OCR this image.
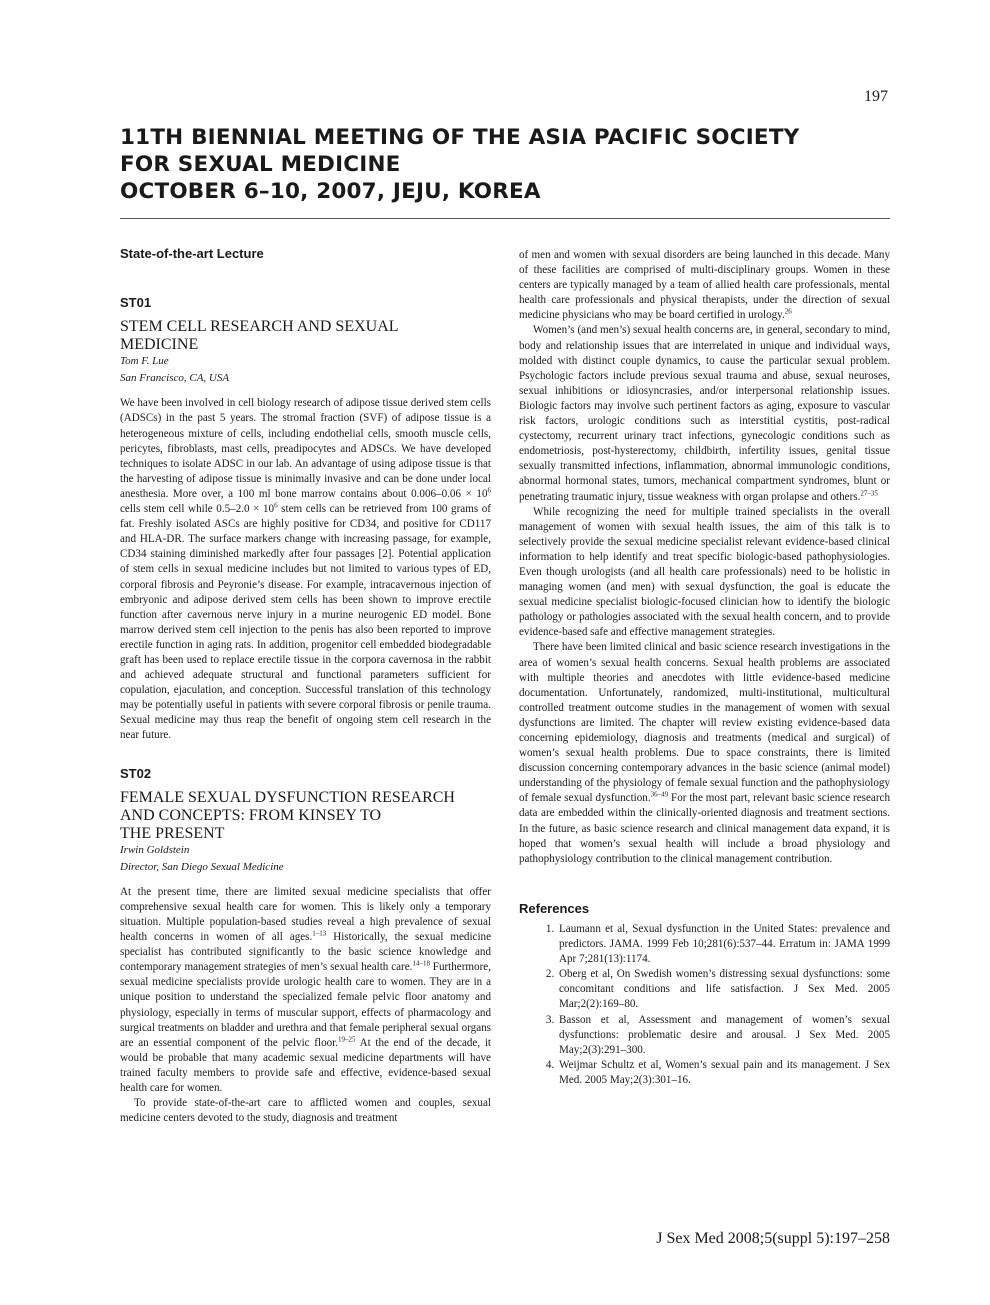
197
11TH BIENNIAL MEETING OF THE ASIA PACIFIC SOCIETY
FOR SEXUAL MEDICINE
OCTOBER 6–10, 2007, JEJU, KOREA
State-of-the-art Lecture
ST01
STEM CELL RESEARCH AND SEXUAL
MEDICINE
Tom F. Lue
San Francisco, CA, USA

We have been involved in cell biology research of adipose tissue derived stem cells (ADSCs) in the past 5 years. The stromal fraction (SVF) of adipose tissue is a heterogeneous mixture of cells, including endothelial cells, smooth muscle cells, pericytes, fibroblasts, mast cells, preadipocytes and ADSCs. We have developed techniques to isolate ADSC in our lab. An advantage of using adipose tissue is that the harvesting of adipose tissue is minimally invasive and can be done under local anesthesia. More over, a 100 ml bone marrow contains about $0.006-0.06 \times 10^6$ cells stem cell while $0.5-2.0 \times 10^6$ stem cells can be retrieved from 100 grams of fat. Freshly isolated ASCs are highly positive for CD34, and positive for CD117 and HLA-DR. The surface markers change with increasing passage, for example, CD34 staining diminished markedly after four passages [2]. Potential application of stem cells in sexual medicine includes but not limited to various types of ED, corporal fibrosis and Peyronie’s disease. For example, intracavernous injection of embryonic and adipose derived stem cells has been shown to improve erectile function after cavernous nerve injury in a murine neurogenic ED model. Bone marrow derived stem cell injection to the penis has also been reported to improve erectile function in aging rats. In addition, progenitor cell embedded biodegradable graft has been used to replace erectile tissue in the corpora cavernosa in the rabbit and achieved adequate structural and functional parameters sufficient for copulation, ejaculation, and conception. Successful translation of this technology may be potentially useful in patients with severe corporal fibrosis or penile trauma. Sexual medicine may thus reap the benefit of ongoing stem cell research in the near future.

ST02
FEMALE SEXUAL DYSFUNCTION RESEARCH
AND CONCEPTS: FROM KINSEY TO
THE PRESENT
Irwin Goldstein
Director, San Diego Sexual Medicine

At the present time, there are limited sexual medicine specialists that offer comprehensive sexual health care for women. This is likely only a temporary situation. Multiple population-based studies reveal a high prevalence of sexual health concerns in women of all ages.$^{1-13}$ Historically, the sexual medicine specialist has contributed significantly to the basic science knowledge and contemporary management strategies of men’s sexual health care.$^{14-18}$ Furthermore, sexual medicine specialists provide urologic health care to women. They are in a unique position to understand the specialized female pelvic floor anatomy and physiology, especially in terms of muscular support, effects of pharmacology and surgical treatments on bladder and urethra and that female peripheral sexual organs are an essential component of the pelvic floor.$^{19-25}$ At the end of the decade, it would be probable that many academic sexual medicine departments will have trained faculty members to provide safe and effective, evidence-based sexual health care for women.

To provide state-of-the-art care to afflicted women and couples, sexual medicine centers devoted to the study, diagnosis and treatment

of men and women with sexual disorders are being launched in this decade. Many of these facilities are comprised of multi-disciplinary groups. Women in these centers are typically managed by a team of allied health care professionals, mental health care professionals and physical therapists, under the direction of sexual medicine physicians who may be board certified in urology.$^{26}$

Women’s (and men’s) sexual health concerns are, in general, secondary to mind, body and relationship issues that are interrelated in unique and individual ways, molded with distinct couple dynamics, to cause the particular sexual problem. Psychologic factors include previous sexual trauma and abuse, sexual neuroses, sexual inhibitions or idiosyncrasies, and/or interpersonal relationship issues. Biologic factors may involve such pertinent factors as aging, exposure to vascular risk factors, urologic conditions such as interstitial cystitis, post-radical cystectomy, recurrent urinary tract infections, gynecologic conditions such as endometriosis, post-hysterectomy, childbirth, infertility issues, genital tissue sexually transmitted infections, inflammation, abnormal immunologic conditions, abnormal hormonal states, tumors, mechanical compartment syndromes, blunt or penetrating traumatic injury, tissue weakness with organ prolapse and others.$^{27-35}$

While recognizing the need for multiple trained specialists in the overall management of women with sexual health issues, the aim of this talk is to selectively provide the sexual medicine specialist relevant evidence-based clinical information to help identify and treat specific biologic-based pathophysiologies. Even though urologists (and all health care professionals) need to be holistic in managing women (and men) with sexual dysfunction, the goal is educate the sexual medicine specialist biologic-focused clinician how to identify the biologic pathology or pathologies associated with the sexual health concern, and to provide evidence-based safe and effective management strategies.

There have been limited clinical and basic science research investigations in the area of women’s sexual health concerns. Sexual health problems are associated with multiple theories and anecdotes with little evidence-based medicine documentation. Unfortunately, randomized, multi-institutional, multicultural controlled treatment outcome studies in the management of women with sexual dysfunctions are limited. The chapter will review existing evidence-based data concerning epidemiology, diagnosis and treatments (medical and surgical) of women’s sexual health problems. Due to space constraints, there is limited discussion concerning contemporary advances in the basic science (animal model) understanding of the physiology of female sexual function and the pathophysiology of female sexual dysfunction.$^{36-49}$ For the most part, relevant basic science research data are embedded within the clinically-oriented diagnosis and treatment sections. In the future, as basic science research and clinical management data expand, it is hoped that women’s sexual health will include a broad physiology and pathophysiology contribution to the clinical management contribution.

References
1. Laumann et al, Sexual dysfunction in the United States: prevalence and predictors. JAMA. 1999 Feb 10;281(6):537–44. Erratum in: JAMA 1999 Apr 7;281(13):1174.
2. Oberg et al, On Swedish women’s distressing sexual dysfunctions: some concomitant conditions and life satisfaction. J Sex Med. 2005 Mar;2(2):169–80.
3. Basson et al, Assessment and management of women’s sexual dysfunctions: problematic desire and arousal. J Sex Med. 2005 May;2(3):291–300.
4. Weijmar Schultz et al, Women’s sexual pain and its management. J Sex Med. 2005 May;2(3):301–16.
J Sex Med 2008;5(suppl 5):197–258
